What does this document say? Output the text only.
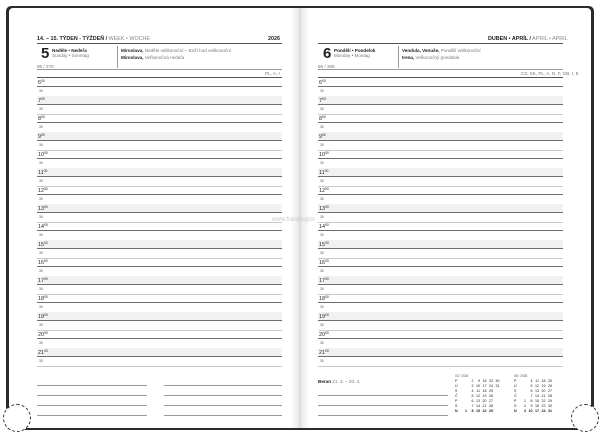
14. – 15. TÝDEN - TÝŽDEŇ / WEEK • WOCHE	2026
5 Neděle • Nedeľa
Sunday • Sonntag
95 / 270
Miroslava, Neděle velikonoční – Boží hod velikonoční
Miroslava, Veľkonočná nedeľa
PL, A, I
$6^{00}$
30
$7^{00}$
30
$8^{00}$
30
$9^{00}$
30
$10^{00}$
30
$11^{00}$
30
$12^{00}$
30
$13^{00}$
30
$14^{00}$
30
$15^{00}$
30
$16^{00}$
30
$17^{00}$
30
$18^{00}$
30
$19^{00}$
30
$20^{00}$
30
$21^{00}$
30
DUBEN • APRÍL / APRIL • APRIL
6 Pondělí • Pondelok
Monday • Montag
96 / 269
Vendula, Venuše, Pondělí velikonoční
Irena, Veľkonočný pondelok
CZ, SK, PL, A, D, F, GB, I, E
$6^{00}$
30
$7^{00}$
30
$8^{00}$
30
$9^{00}$
30
$10^{00}$
30
$11^{00}$
30
$12^{00}$
30
$13^{00}$
30
$14^{00}$
30
$15^{00}$
30
$16^{00}$
30
$17^{00}$
30
$18^{00}$
30
$19^{00}$
30
$20^{00}$
30
$21^{00}$
30
Beran 21. 3. – 20. 4.
03 / 2026
P
Ú
S
Č
P
S
N	1
2
3
4
5
6
7
8
9
10
11
12
13
14
15
16
17
18
19
20
21
22
23
24
25
26
27
28
29
30
31
05 / 2026
P
Ú
S
Č
P
S
N
1
2
3
4
5
6
7
8
9
10
11
12
13
14
15
16
17
18
19
20
21
22
23
24
25
26
27
28
29
30
31
www.frankospot
